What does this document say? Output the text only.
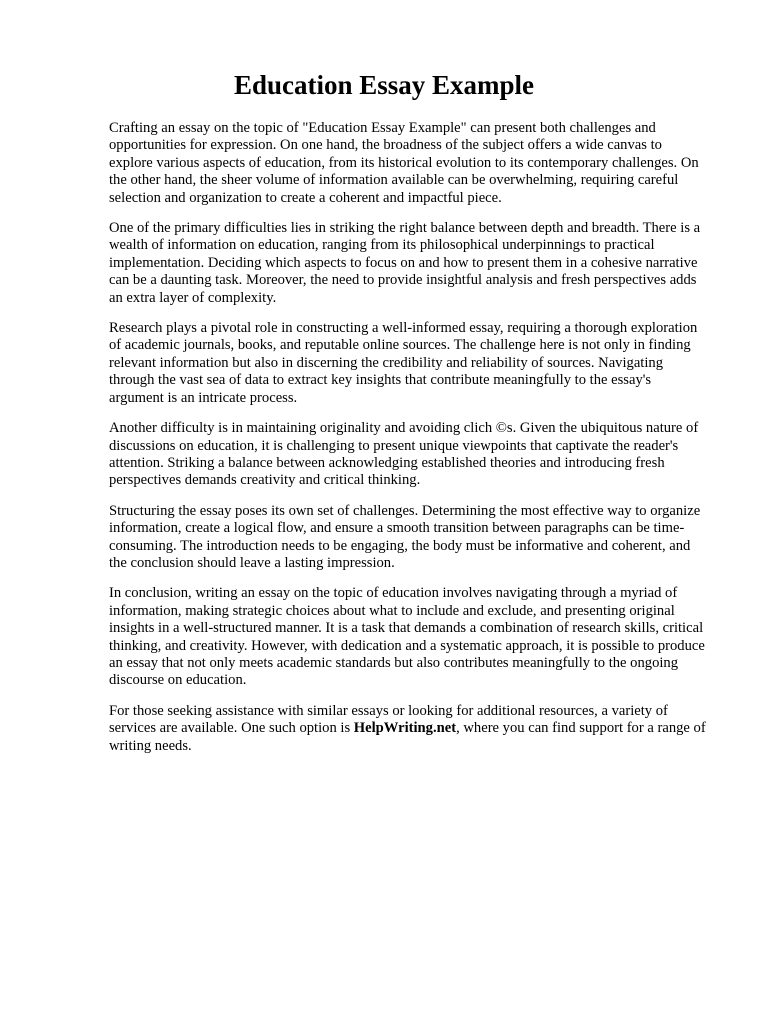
Education Essay Example

Crafting an essay on the topic of "Education Essay Example" can present both challenges and opportunities for expression. On one hand, the broadness of the subject offers a wide canvas to explore various aspects of education, from its historical evolution to its contemporary challenges. On the other hand, the sheer volume of information available can be overwhelming, requiring careful selection and organization to create a coherent and impactful piece.

One of the primary difficulties lies in striking the right balance between depth and breadth. There is a wealth of information on education, ranging from its philosophical underpinnings to practical implementation. Deciding which aspects to focus on and how to present them in a cohesive narrative can be a daunting task. Moreover, the need to provide insightful analysis and fresh perspectives adds an extra layer of complexity.

Research plays a pivotal role in constructing a well-informed essay, requiring a thorough exploration of academic journals, books, and reputable online sources. The challenge here is not only in finding relevant information but also in discerning the credibility and reliability of sources. Navigating through the vast sea of data to extract key insights that contribute meaningfully to the essay's argument is an intricate process.

Another difficulty is in maintaining originality and avoiding clich ©s. Given the ubiquitous nature of discussions on education, it is challenging to present unique viewpoints that captivate the reader's attention. Striking a balance between acknowledging established theories and introducing fresh perspectives demands creativity and critical thinking.

Structuring the essay poses its own set of challenges. Determining the most effective way to organize information, create a logical flow, and ensure a smooth transition between paragraphs can be time-consuming. The introduction needs to be engaging, the body must be informative and coherent, and the conclusion should leave a lasting impression.

In conclusion, writing an essay on the topic of education involves navigating through a myriad of information, making strategic choices about what to include and exclude, and presenting original insights in a well-structured manner. It is a task that demands a combination of research skills, critical thinking, and creativity. However, with dedication and a systematic approach, it is possible to produce an essay that not only meets academic standards but also contributes meaningfully to the ongoing discourse on education.

For those seeking assistance with similar essays or looking for additional resources, a variety of services are available. One such option is HelpWriting.net, where you can find support for a range of writing needs.
